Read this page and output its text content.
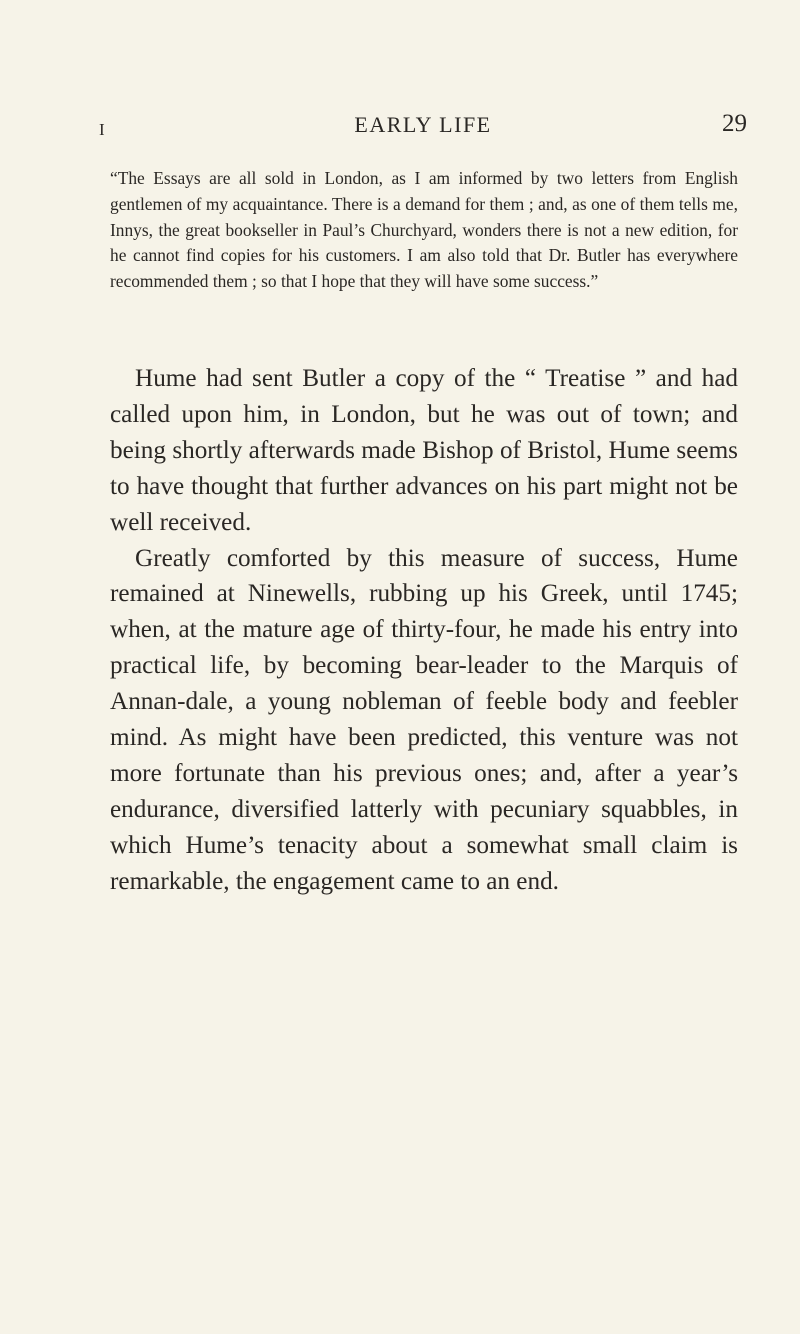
I	EARLY LIFE	29

“The Essays are all sold in London, as I am informed by two letters from English gentlemen of my acquaintance. There is a demand for them ; and, as one of them tells me, Innys, the great bookseller in Paul’s Churchyard, wonders there is not a new edition, for he cannot find copies for his customers. I am also told that Dr. Butler has everywhere recommended them ; so that I hope that they will have some success.”

Hume had sent Butler a copy of the “ Treatise ” and had called upon him, in London, but he was out of town; and being shortly afterwards made Bishop of Bristol, Hume seems to have thought that further advances on his part might not be well received.

Greatly comforted by this measure of success, Hume remained at Ninewells, rubbing up his Greek, until 1745; when, at the mature age of thirty-four, he made his entry into practical life, by becoming bear-leader to the Marquis of Annan-dale, a young nobleman of feeble body and feebler mind. As might have been predicted, this venture was not more fortunate than his previous ones; and, after a year’s endurance, diversified latterly with pecuniary squabbles, in which Hume’s tenacity about a somewhat small claim is remarkable, the engagement came to an end.
